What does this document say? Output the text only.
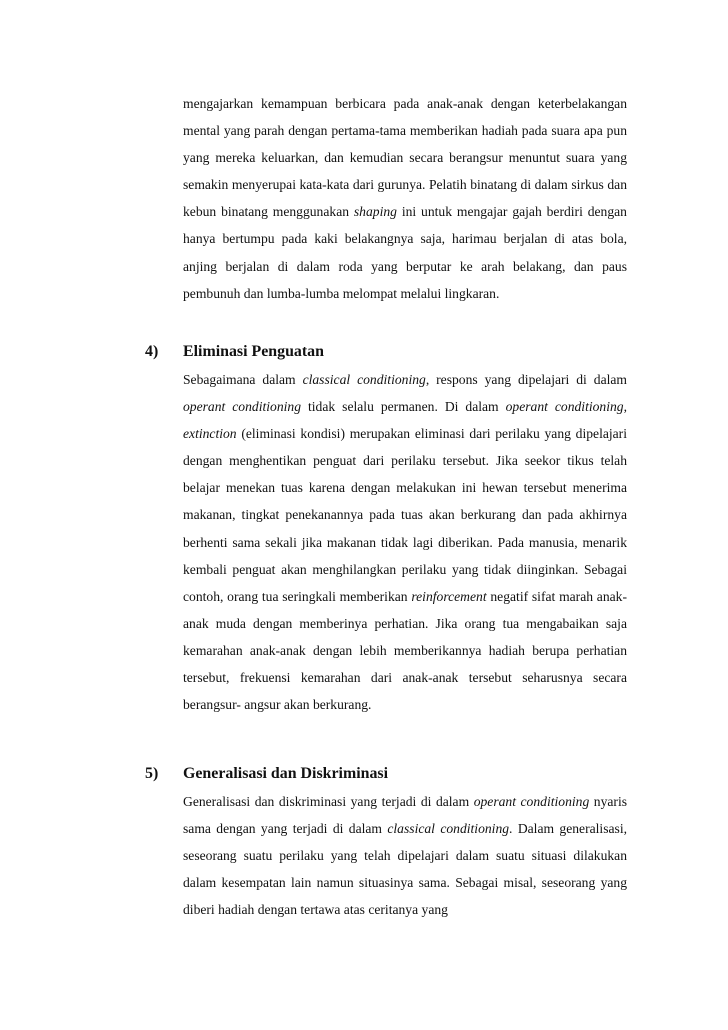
mengajarkan kemampuan berbicara pada anak-anak dengan keterbelakangan mental yang parah dengan pertama-tama memberikan hadiah pada suara apa pun yang mereka keluarkan, dan kemudian secara berangsur menuntut suara yang semakin menyerupai kata-kata dari gurunya. Pelatih binatang di dalam sirkus dan kebun binatang menggunakan shaping ini untuk mengajar gajah berdiri dengan hanya bertumpu pada kaki belakangnya saja, harimau berjalan di atas bola, anjing berjalan di dalam roda yang berputar ke arah belakang, dan paus pembunuh dan lumba-lumba melompat melalui lingkaran.

4) Eliminasi Penguatan

Sebagaimana dalam classical conditioning, respons yang dipelajari di dalam operant conditioning tidak selalu permanen. Di dalam operant conditioning, extinction (eliminasi kondisi) merupakan eliminasi dari perilaku yang dipelajari dengan menghentikan penguat dari perilaku tersebut. Jika seekor tikus telah belajar menekan tuas karena dengan melakukan ini hewan tersebut menerima makanan, tingkat penekanannya pada tuas akan berkurang dan pada akhirnya berhenti sama sekali jika makanan tidak lagi diberikan. Pada manusia, menarik kembali penguat akan menghilangkan perilaku yang tidak diinginkan. Sebagai contoh, orang tua seringkali memberikan reinforcement negatif sifat marah anak-anak muda dengan memberinya perhatian. Jika orang tua mengabaikan saja kemarahan anak-anak dengan lebih memberikannya hadiah berupa perhatian tersebut, frekuensi kemarahan dari anak-anak tersebut seharusnya secara berangsur- angsur akan berkurang.

5) Generalisasi dan Diskriminasi

Generalisasi dan diskriminasi yang terjadi di dalam operant conditioning nyaris sama dengan yang terjadi di dalam classical conditioning. Dalam generalisasi, seseorang suatu perilaku yang telah dipelajari dalam suatu situasi dilakukan dalam kesempatan lain namun situasinya sama. Sebagai misal, seseorang yang diberi hadiah dengan tertawa atas ceritanya yang
